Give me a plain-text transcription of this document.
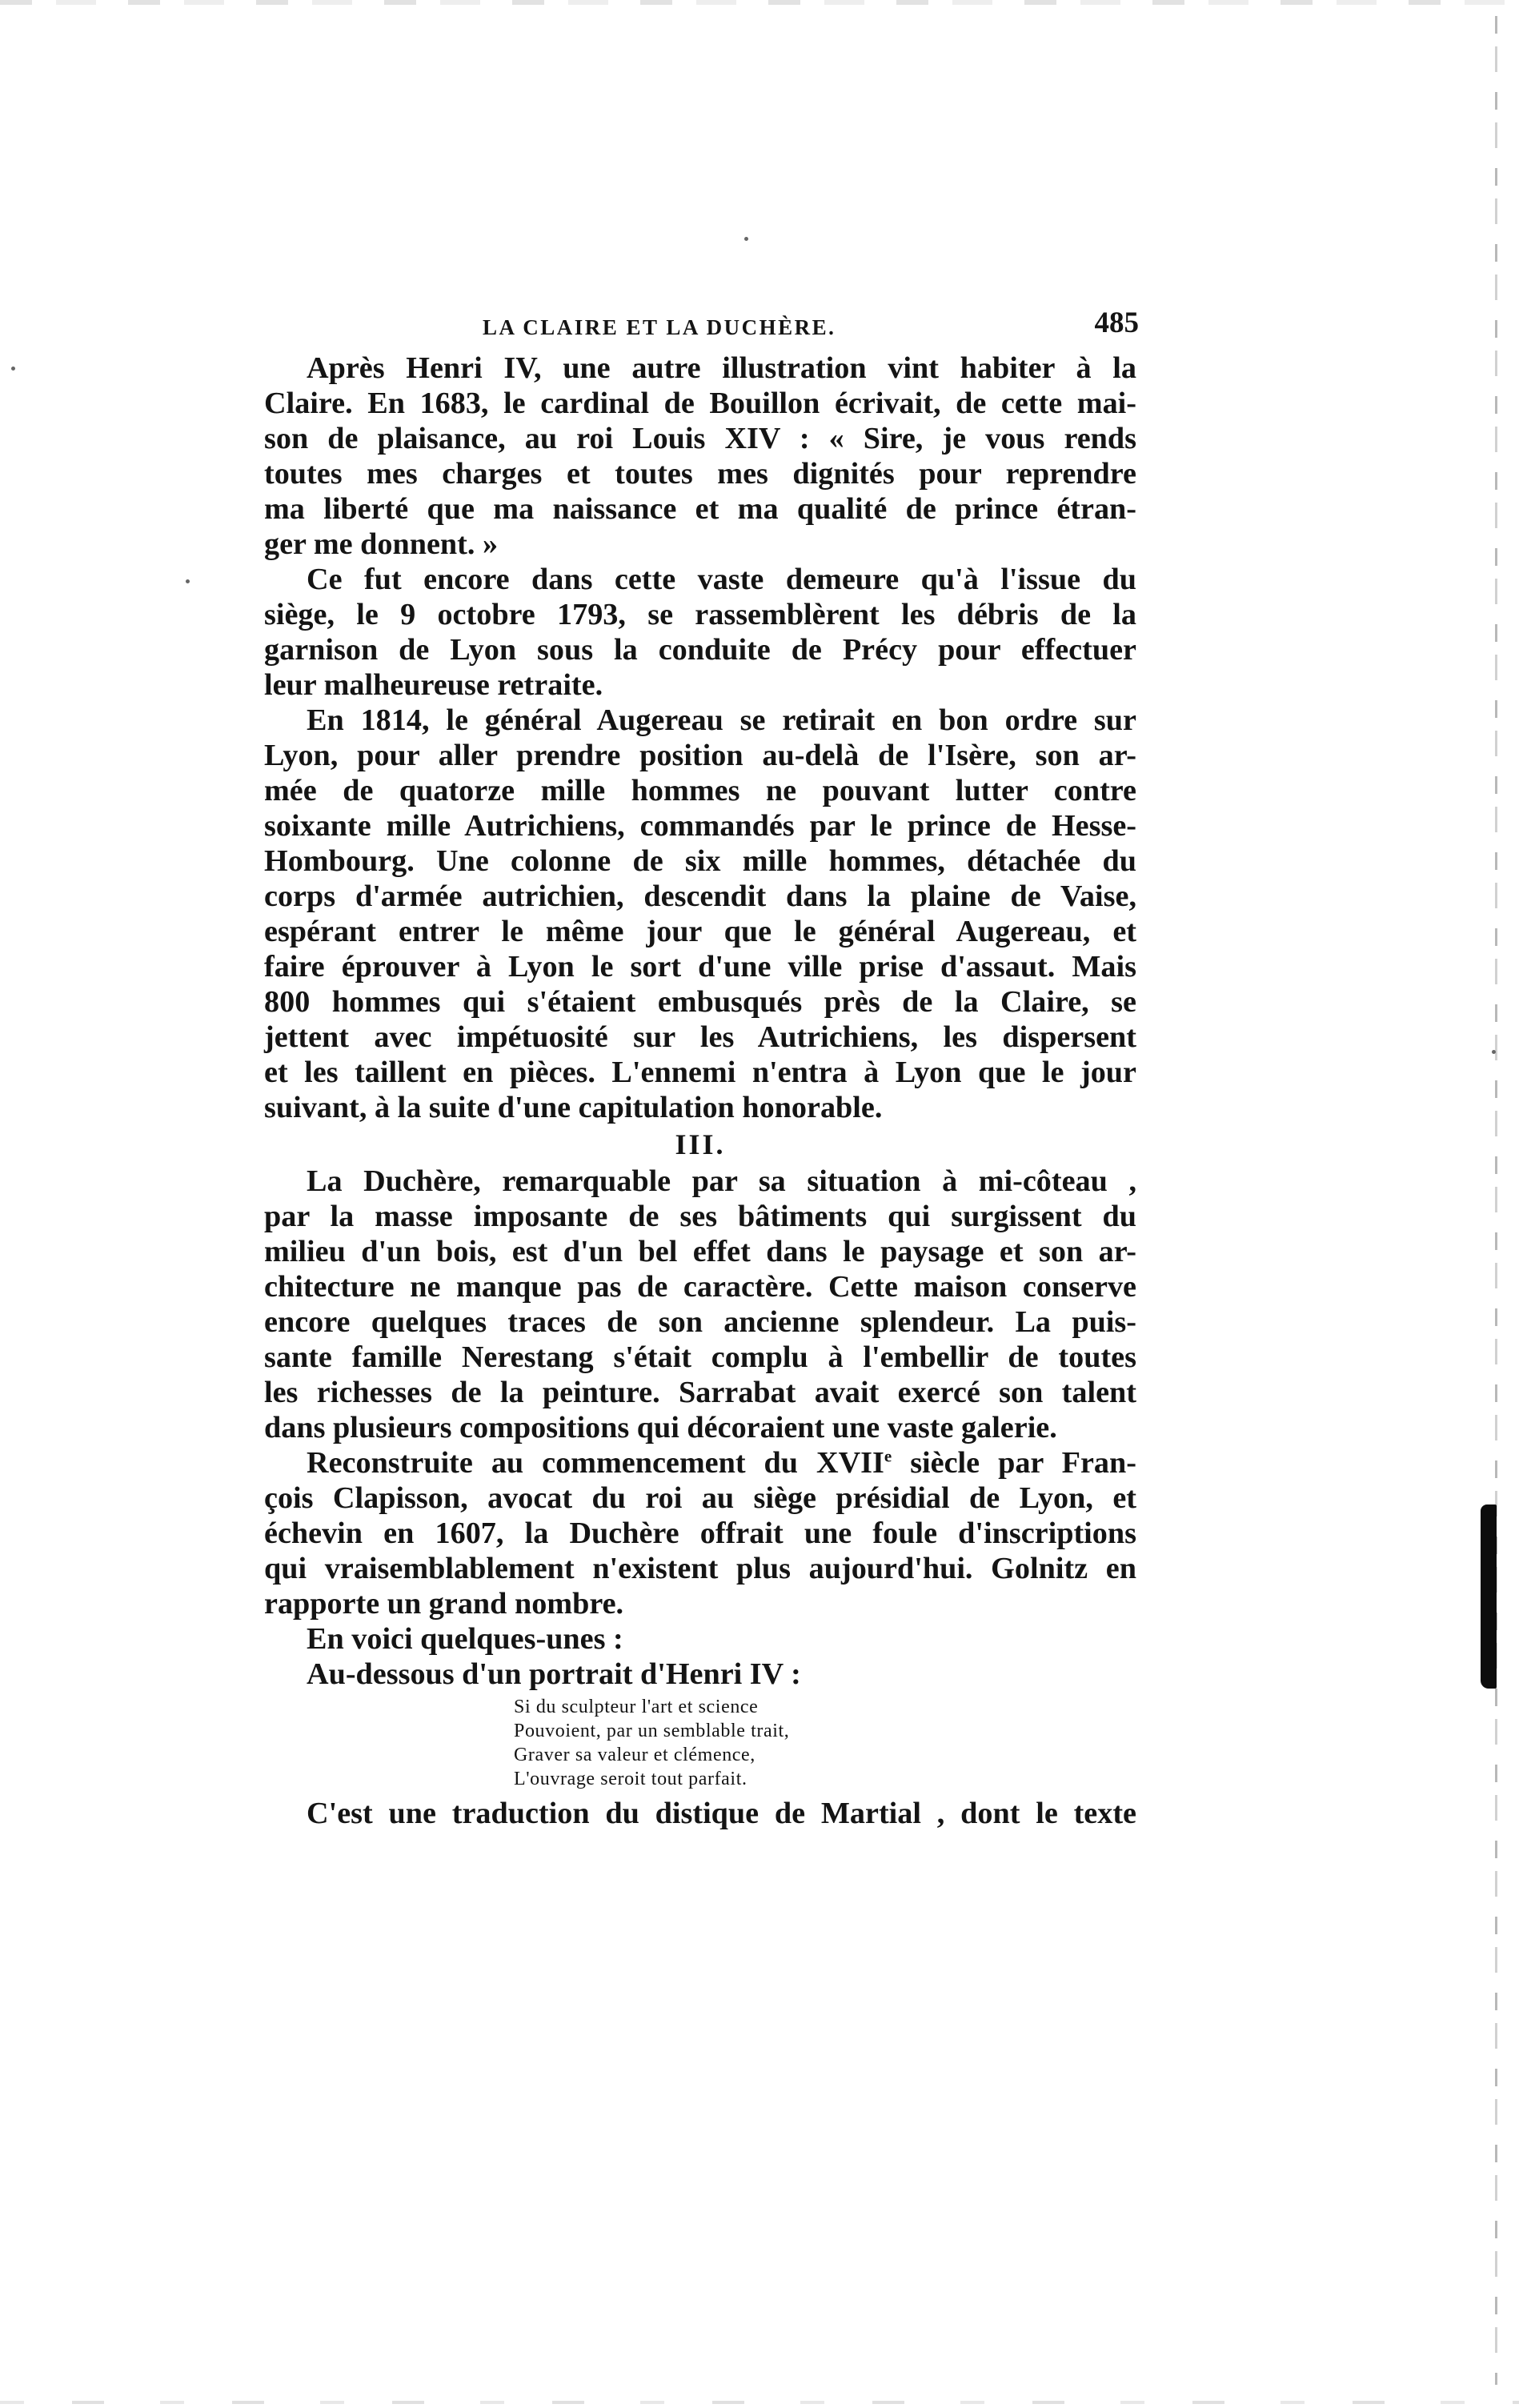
LA CLAIRE ET LA DUCHÈRE.	485
Après Henri IV, une autre illustration vint habiter à la
Claire. En 1683, le cardinal de Bouillon écrivait, de cette mai-
son de plaisance, au roi Louis XIV : « Sire, je vous rends
toutes mes charges et toutes mes dignités pour reprendre
ma liberté que ma naissance et ma qualité de prince étran-
ger me donnent. »
Ce fut encore dans cette vaste demeure qu'à l'issue du
siège, le 9 octobre 1793, se rassemblèrent les débris de la
garnison de Lyon sous la conduite de Précy pour effectuer
leur malheureuse retraite.
En 1814, le général Augereau se retirait en bon ordre sur
Lyon, pour aller prendre position au-delà de l'Isère, son ar-
mée de quatorze mille hommes ne pouvant lutter contre
soixante mille Autrichiens, commandés par le prince de Hesse-
Hombourg. Une colonne de six mille hommes, détachée du
corps d'armée autrichien, descendit dans la plaine de Vaise,
espérant entrer le même jour que le général Augereau, et
faire éprouver à Lyon le sort d'une ville prise d'assaut. Mais
800 hommes qui s'étaient embusqués près de la Claire, se
jettent avec impétuosité sur les Autrichiens, les dispersent
et les taillent en pièces. L'ennemi n'entra à Lyon que le jour
suivant, à la suite d'une capitulation honorable.
III.
La Duchère, remarquable par sa situation à mi-côteau ,
par la masse imposante de ses bâtiments qui surgissent du
milieu d'un bois, est d'un bel effet dans le paysage et son ar-
chitecture ne manque pas de caractère. Cette maison conserve
encore quelques traces de son ancienne splendeur. La puis-
sante famille Nerestang s'était complu à l'embellir de toutes
les richesses de la peinture. Sarrabat avait exercé son talent
dans plusieurs compositions qui décoraient une vaste galerie.
Reconstruite au commencement du XVIIe siècle par Fran-
çois Clapisson, avocat du roi au siège présidial de Lyon, et
échevin en 1607, la Duchère offrait une foule d'inscriptions
qui vraisemblablement n'existent plus aujourd'hui. Golnitz en
rapporte un grand nombre.
En voici quelques-unes :
Au-dessous d'un portrait d'Henri IV :
Si du sculpteur l'art et science
Pouvoient, par un semblable trait,
Graver sa valeur et clémence,
L'ouvrage seroit tout parfait.
C'est une traduction du distique de Martial , dont le texte
